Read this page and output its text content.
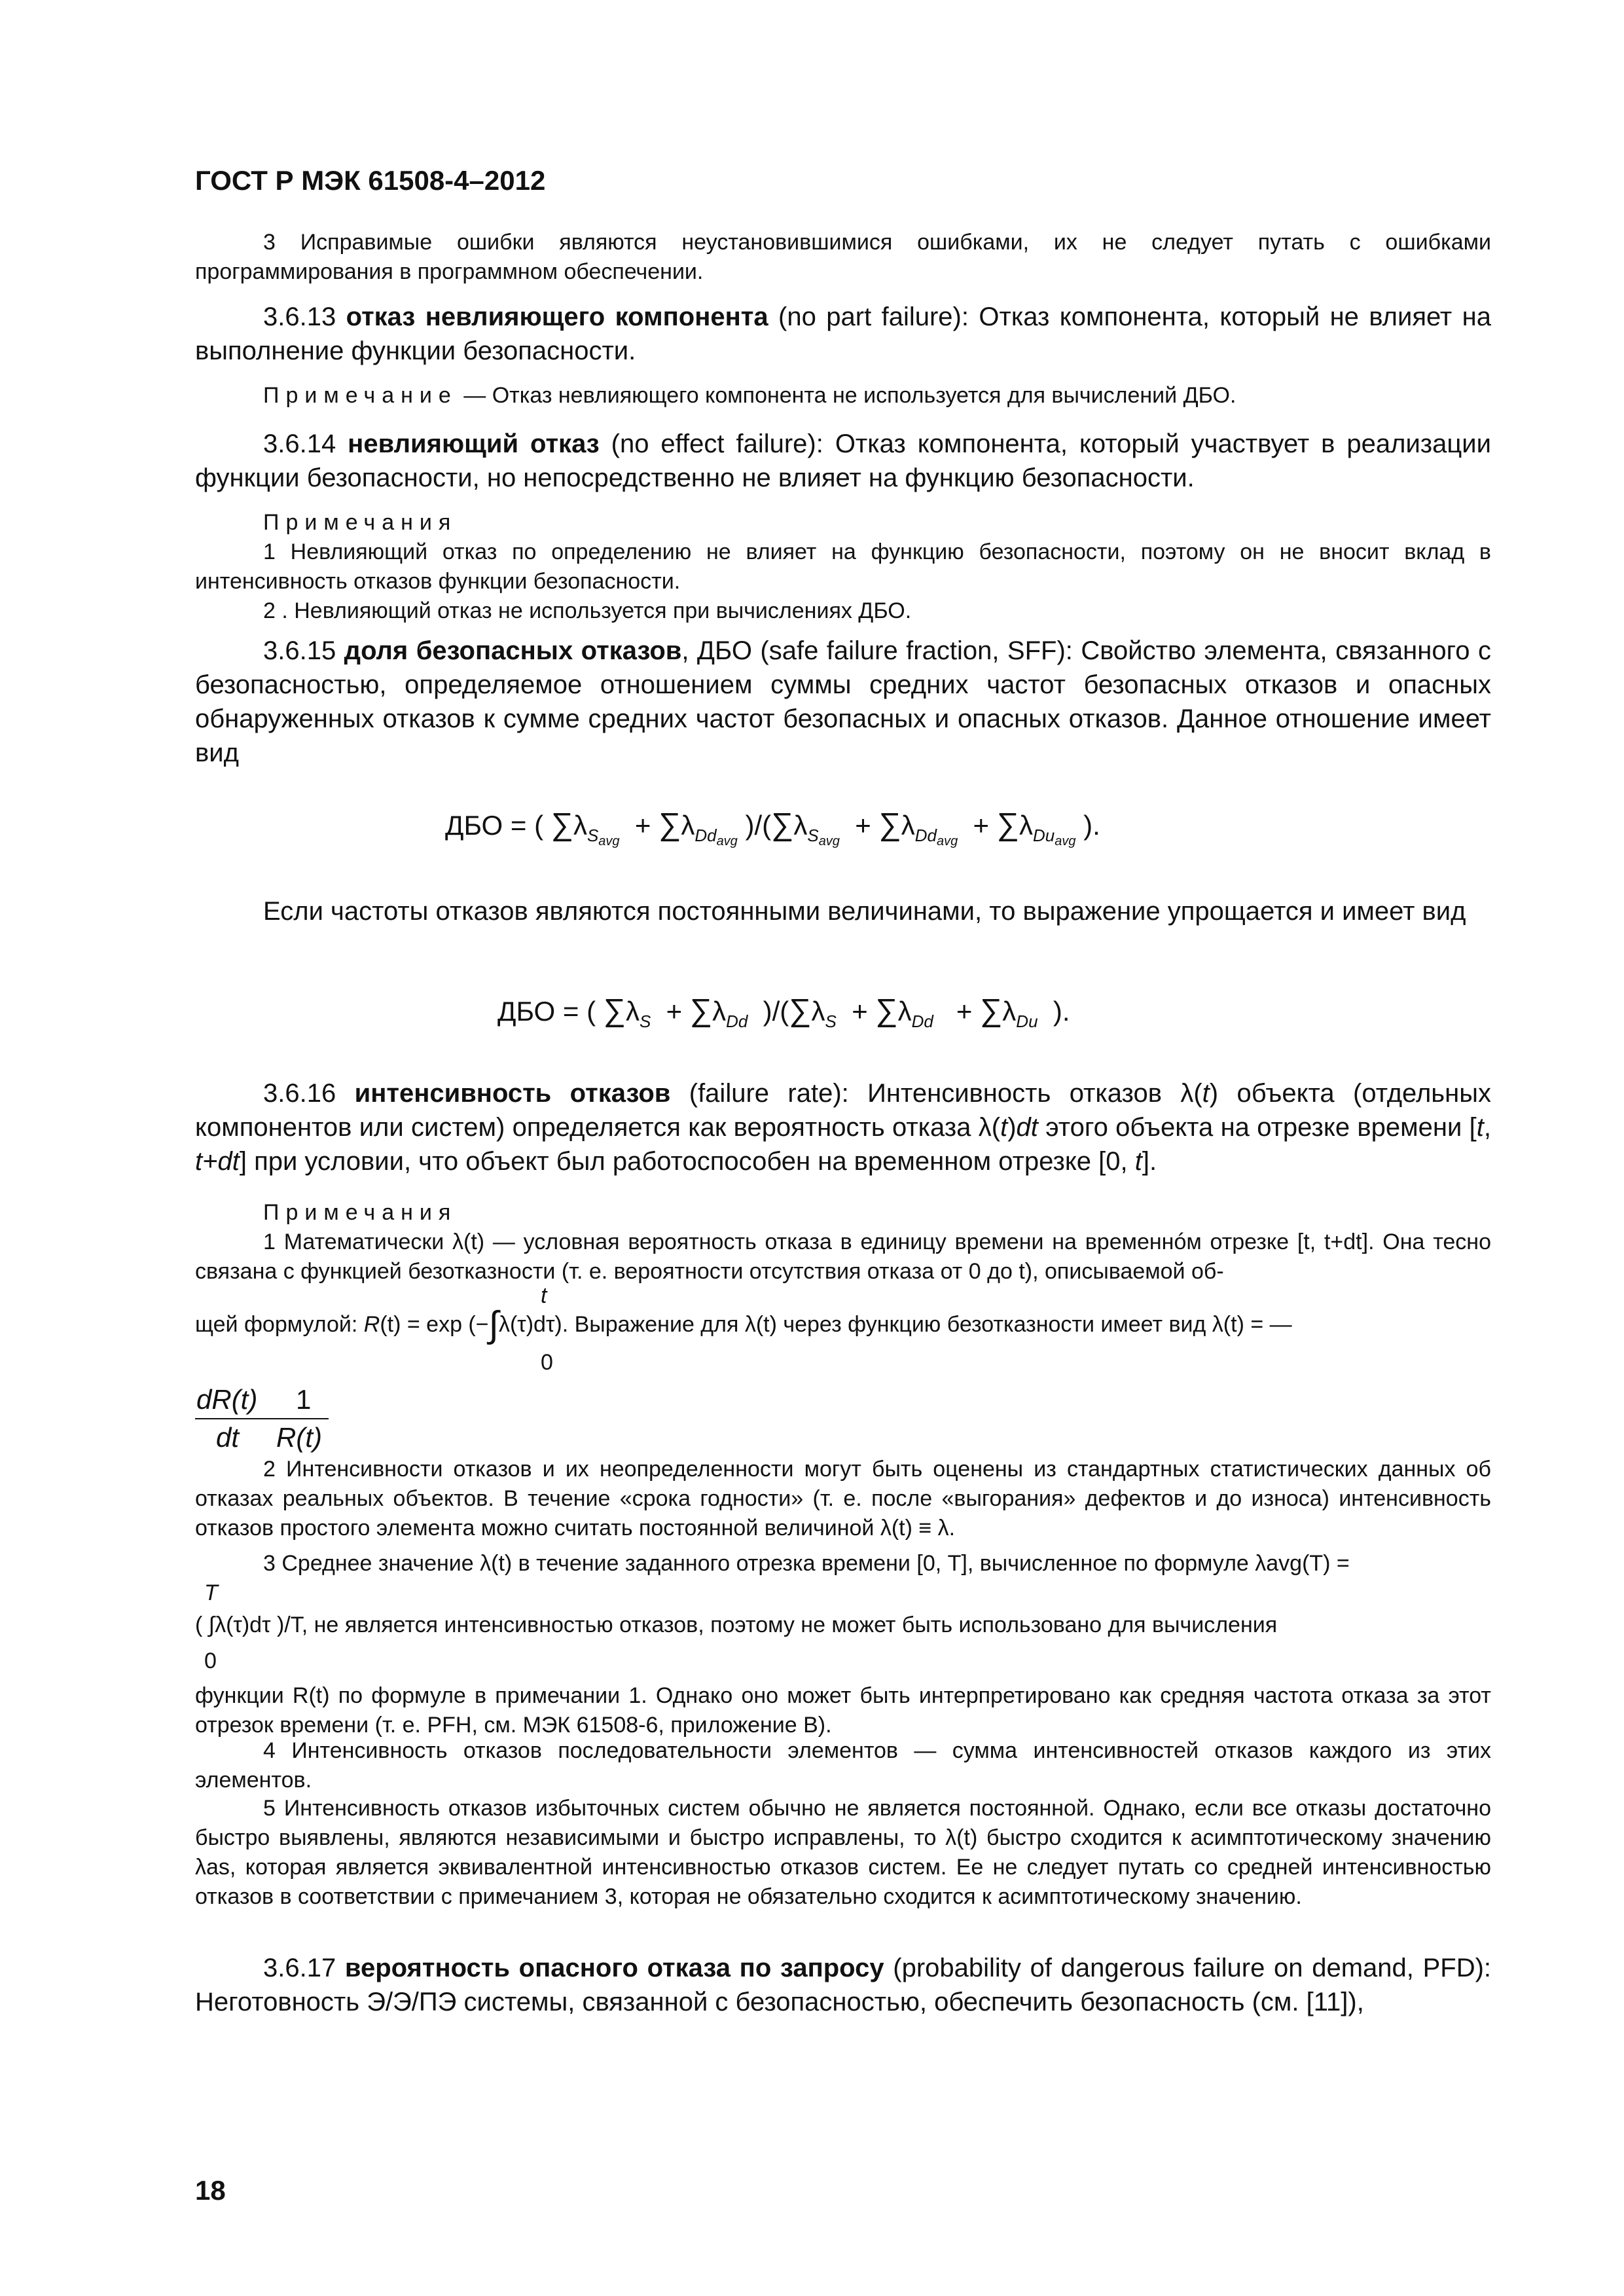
ГОСТ Р МЭК 61508-4–2012

3 Исправимые ошибки являются неустановившимися ошибками, их не следует путать с ошибками программирования в программном обеспечении.

3.6.13 отказ невлияющего компонента (no part failure): Отказ компонента, который не влияет на выполнение функции безопасности.

Примечание — Отказ невлияющего компонента не используется для вычислений ДБО.

3.6.14 невлияющий отказ (no effect failure): Отказ компонента, который участвует в реализации функции безопасности, но непосредственно не влияет на функцию безопасности.

Примечания
1 Невлияющий отказ по определению не влияет на функцию безопасности, поэтому он не вносит вклад в интенсивность отказов функции безопасности.
2 . Невлияющий отказ не используется при вычислениях ДБО.

3.6.15 доля безопасных отказов, ДБО (safe failure fraction, SFF): Свойство элемента, связанного с безопасностью, определяемое отношением суммы средних частот безопасных отказов и опасных обнаруженных отказов к сумме средних частот безопасных и опасных отказов. Данное отношение имеет вид

ДБО = ( $\sum\lambda_{S_{avg}} + \sum\lambda_{Dd_{avg}}$ )$/(\sum\lambda_{S_{avg}} + \sum\lambda_{Dd_{avg}} + \sum\lambda_{Du_{avg}}$ ).

Если частоты отказов являются постоянными величинами, то выражение упрощается и имеет вид

ДБО = ( $\sum\lambda_S + \sum\lambda_{Dd}$  )$/(\sum\lambda_S + \sum\lambda_{Dd} + \sum\lambda_{Du}$  ).

3.6.16 интенсивность отказов (failure rate): Интенсивность отказов λ(t) объекта (отдельных компонентов или систем) определяется как вероятность отказа λ(t)dt этого объекта на отрезке времени [t, t+dt] при условии, что объект был работоспособен на временном отрезке [0, t].

Примечания
1 Математически λ(t) — условная вероятность отказа в единицу времени на временнóм отрезке [t, t+dt]. Она тесно связана с функцией безотказности (т. е. вероятности отсутствия отказа от 0 до t), описываемой об-

t

щей формулой: R(t) = exp (−∫λ(τ)dτ). Выражение для λ(t) через функцию безотказности имеет вид λ(t) = —

0
dR(t)
dt
1
R(t)

2 Интенсивности отказов и их неопределенности могут быть оценены из стандартных статистических данных об отказах реальных объектов. В течение «срока годности» (т. е. после «выгорания» дефектов и до износа) интенсивность отказов простого элемента можно считать постоянной величиной λ(t) ≡ λ.

3 Среднее значение λ(t) в течение заданного отрезка времени [0, T], вычисленное по формуле λavg(T) =

T

( ∫λ(τ)dτ )/T, не является интенсивностью отказов, поэтому не может быть использовано для вычисления

0

функции R(t) по формуле в примечании 1. Однако оно может быть интерпретировано как средняя частота отказа за этот отрезок времени (т. е. PFH, см. МЭК 61508-6, приложение В).

4 Интенсивность отказов последовательности элементов — сумма интенсивностей отказов каждого из этих элементов.

5 Интенсивность отказов избыточных систем обычно не является постоянной. Однако, если все отказы достаточно быстро выявлены, являются независимыми и быстро исправлены, то λ(t) быстро сходится к асимптотическому значению λas, которая является эквивалентной интенсивностью отказов систем. Ее не следует путать со средней интенсивностью отказов в соответствии с примечанием 3, которая не обязательно сходится к асимптотическому значению.

3.6.17 вероятность опасного отказа по запросу (probability of dangerous failure on demand, PFD): Неготовность Э/Э/ПЭ системы, связанной с безопасностью, обеспечить безопасность (см. [11]),

18
